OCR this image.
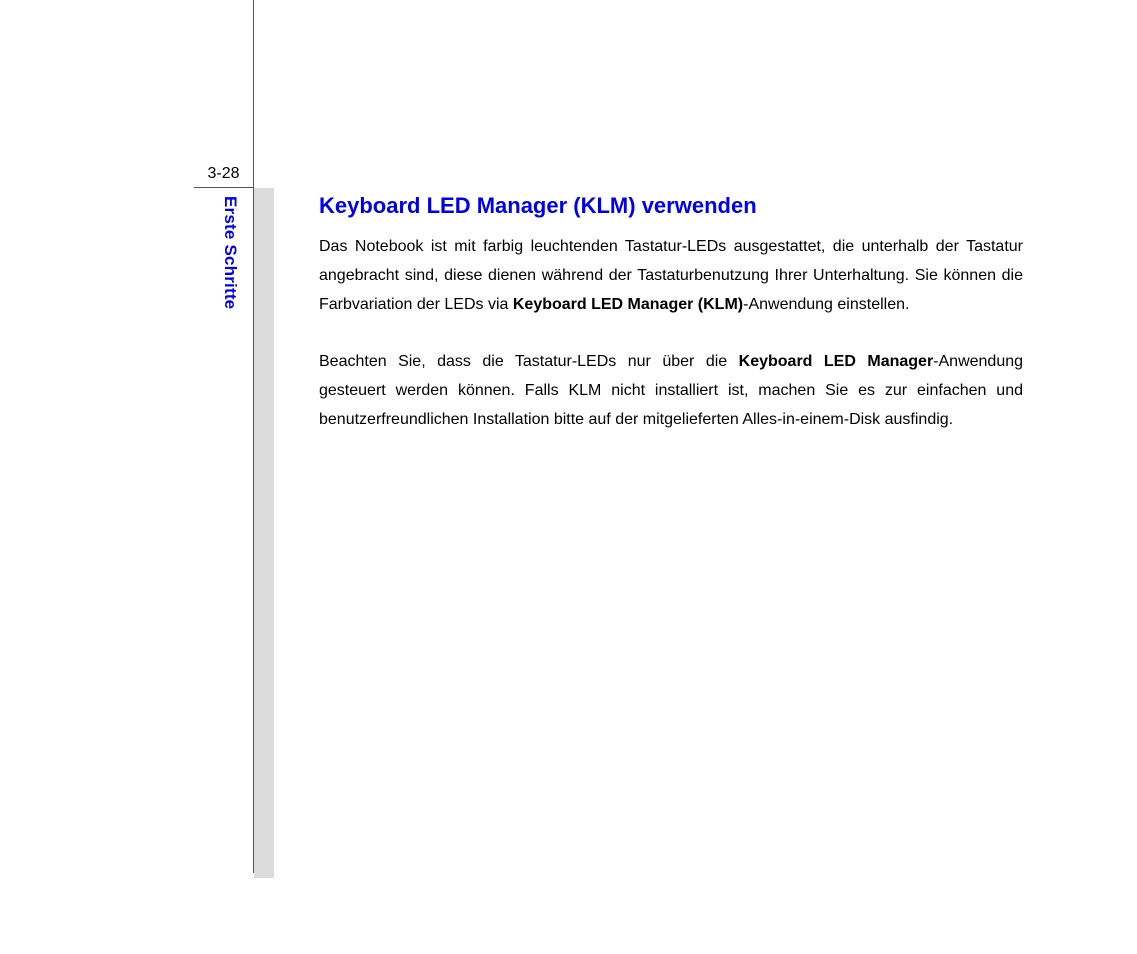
3-28
Erste Schritte	Keyboard LED Manager (KLM) verwenden

Das Notebook ist mit farbig leuchtenden Tastatur-LEDs ausgestattet, die unterhalb der Tastatur angebracht sind, diese dienen während der Tastaturbenutzung Ihrer Unterhaltung. Sie können die Farbvariation der LEDs via Keyboard LED Manager (KLM)-Anwendung einstellen.

Beachten Sie, dass die Tastatur-LEDs nur über die Keyboard LED Manager-Anwendung gesteuert werden können. Falls KLM nicht installiert ist, machen Sie es zur einfachen und benutzerfreundlichen Installation bitte auf der mitgelieferten Alles-in-einem-Disk ausfindig.
